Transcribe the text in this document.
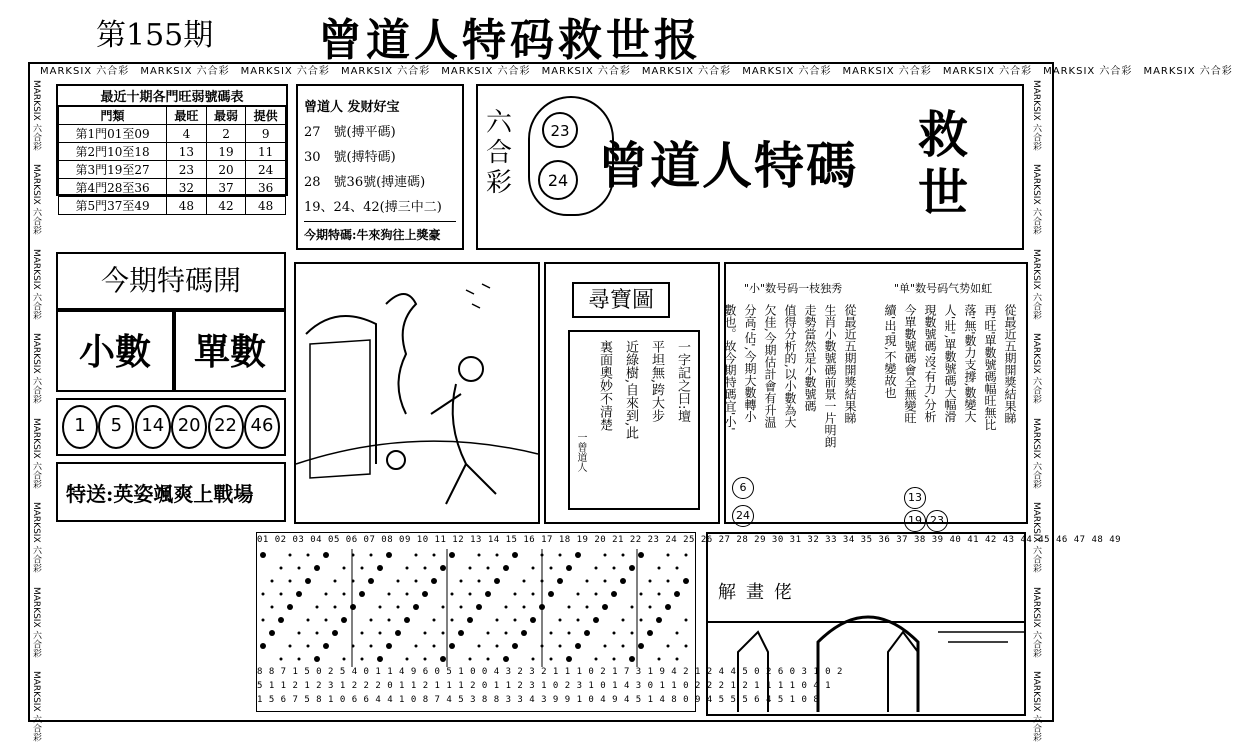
第155期 曾道人特码救世报
MARKSIX 六合彩　 MARKSIX 六合彩　 MARKSIX 六合彩　 MARKSIX 六合彩　 MARKSIX 六合彩　 MARKSIX 六合彩　 MARKSIX 六合彩　 MARKSIX 六合彩　 MARKSIX 六合彩　 MARKSIX 六合彩　 MARKSIX 六合彩　 MARKSIX 六合彩
MARKSIX 六合彩
MARKSIX 六合彩
MARKSIX 六合彩
MARKSIX 六合彩
MARKSIX 六合彩
MARKSIX 六合彩
MARKSIX 六合彩
MARKSIX 六合彩
MARKSIX 六合彩
MARKSIX 六合彩
MARKSIX 六合彩
MARKSIX 六合彩
MARKSIX 六合彩
MARKSIX 六合彩
MARKSIX 六合彩
MARKSIX 六合彩
最近十期各門旺弱號碼表
門類	最旺	最弱	提供
第1門01至09	4	2	9
第2門10至18	13	19	11
第3門19至27	23	20	24
第4門28至36	32	37	36
第5門37至49	48	42	48
曾道人 发财好宝
27　號(搏平碼)
30　號(搏特碼)
28　號36號(搏連碼)
19、24、42(搏三中二)
今期特碼:牛來狗往上獎豪
六合彩
23
24 曾道人特碼
救世
今期特碼開
小數	單數
1	5	14 20 22 46
特送:英姿颯爽上戰場
尋寶圖
一字記之曰:壇
平坦無,跨大步
近綠樹,自來到,此
裏面奧妙不清楚
一曾道人
"小"数号码一枝独秀	"单"数号码气势如虹
從最近五期開獎結果睇
生肖小數號碼前景一片明朗
走勢當然是小數號碼
值得分析的,以小數為大
欠佳,今期估計會有升温
分高'佔',今期大數轉小
數也。故今期特碼宜'小'	從最近五期開獎結果睇
再'旺'單數號碼幅旺無比
落'無'數力支撐,數變大
人'壯',單數號碼大幅滑
現數號碼'沒'有力,分析
今單數號碼會全無變旺
續'出'現,不變故也
6
24
13
19 23
01 02 03 04 05 06 07 08 09 10 11 12 13 14 15 16 17 18 19 20 21 22 23 24 25 26 27 28 29 30 31 32 33 34 35 36 37 38 39 40 41 42 43 44 45 46 47 48 49
8 8 7 1 5 0 2 5 4 0 1 1 4 9 6 0 5 1 0 0 4 3 2 3 2 1 1 1 0 2 1 7 3 1 9 4 2 1 2 4 4 5 0 2 6 0 3 1 0 2
5 1 1 2 1 2 3 1 2 2 2 0 1 1 2 1 1 1 2 0 1 1 2 3 1 0 2 3 1 0 1 4 3 0 1 1 0 2 2 2 1 2 1 1 1 1 0 4 1
1 5 6 7 5 8 1 0 6 6 4 4 1 0 8 7 4 5 3 8 8 3 3 4 3 9 9 1 0 4 9 4 5 1 4 8 0 9 4 5 5 5 6 4 5 1 0 8
解畫佬
